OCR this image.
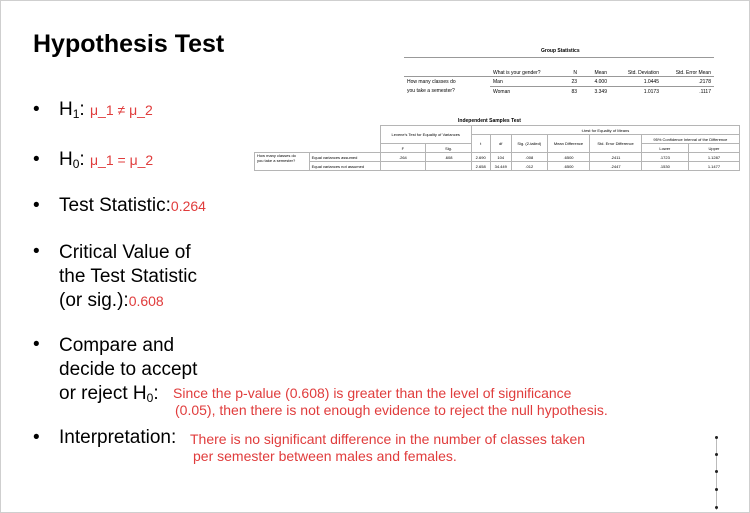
Hypothesis Test
• H1: μ_1 ≠ μ_2
• H0: μ_1 = μ_2
• Test Statistic:0.264
• Critical Value of
the Test Statistic
(or sig.):0.608
• Compare and
decide to accept
or reject H0:	Since the p-value (0.608) is greater than the level of significance
(0.05), then there is not enough evidence to reject the null hypothesis.
• Interpretation: There is no significant difference in the number of classes taken
per semester between males and females.
Group Statistics
	What is your gender?	N	Mean	Std. Deviation	Std. Error Mean
How many classes do	Man	23	4.000	1.0445	.2178
you take a semester?	Woman	83	3.349	1.0173	.1117
Independent Samples Test
		Levene's Test for Equality of Variances		t-test for Equality of Means						
				t	df	Sig. (2-tailed)	Mean Difference	Std. Error Difference	95% Confidence Interval of the Difference	
		F	Sig.						Lower	Upper

How many classes do
you take a semester?	Equal variances assumed	.264	.608	2.690	104	.008	.6500	.2411	.1723	1.1287
	Equal variances not assumed			2.658	34.449	.012	.6500	.2447	.1530	1.1477
